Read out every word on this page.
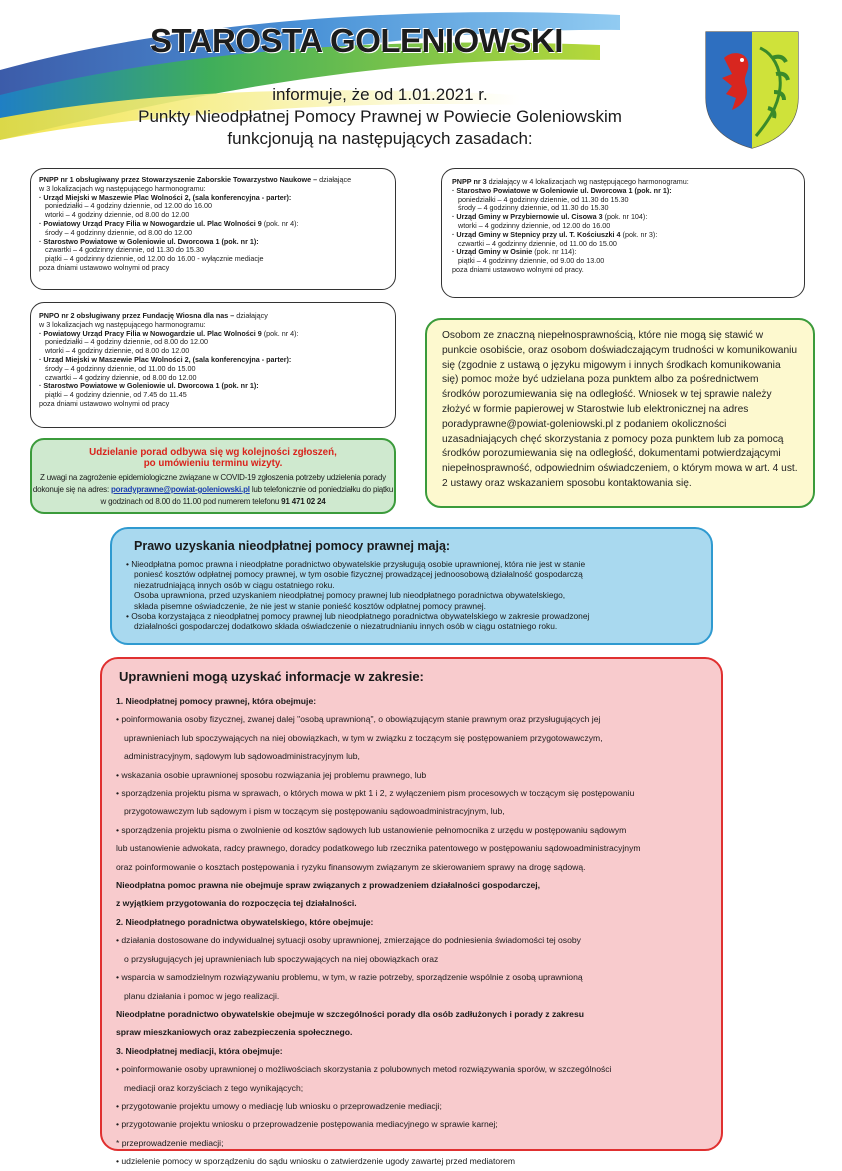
STAROSTA GOLENIOWSKI
informuje, że od 1.01.2021 r.
Punkty Nieodpłatnej Pomocy Prawnej w Powiecie Goleniowskim
funkcjonują na następujących zasadach:
PNPP nr 1 obsługiwany przez Stowarzyszenie Zaborskie Towarzystwo Naukowe – działające
w 3 lokalizacjach wg następującego harmonogramu:
· Urząd Miejski w Maszewie Plac Wolności 2, (sala konferencyjna - parter):
poniedziałki – 4 godziny dziennie, od 12.00 do 16.00
wtorki – 4 godziny dziennie, od 8.00 do 12.00
· Powiatowy Urząd Pracy Filia w Nowogardzie ul. Plac Wolności 9 (pok. nr 4):
środy – 4 godzinny dziennie, od 8.00 do 12.00
· Starostwo Powiatowe w Goleniowie ul. Dworcowa 1 (pok. nr 1):
czwartki – 4 godzinny dziennie, od 11.30 do 15.30
piątki – 4 godzinny dziennie, od 12.00 do 16.00 - wyłącznie mediacje
poza dniami ustawowo wolnymi od pracy
PNPP nr 3 działający w 4 lokalizacjach wg następującego harmonogramu:
· Starostwo Powiatowe w Goleniowie ul. Dworcowa 1 (pok. nr 1):
poniedziałki – 4 godzinny dziennie, od 11.30 do 15.30
środy – 4 godzinny dziennie, od 11.30 do 15.30
· Urząd Gminy w Przybiernowie ul. Cisowa 3 (pok. nr 104):
wtorki – 4 godzinny dziennie, od 12.00 do 16.00
· Urząd Gminy w Stepnicy przy ul. T. Kościuszki 4 (pok. nr 3):
czwartki – 4 godzinny dziennie, od 11.00 do 15.00
· Urząd Gminy w Osinie (pok. nr 114):
piątki – 4 godzinny dziennie, od 9.00 do 13.00
poza dniami ustawowo wolnymi od pracy.
PNPO nr 2 obsługiwany przez Fundację Wiosna dla nas – działający
w 3 lokalizacjach wg następującego harmonogramu:
· Powiatowy Urząd Pracy Filia w Nowogardzie ul. Plac Wolności 9 (pok. nr 4):
poniedziałki – 4 godziny dziennie, od 8.00 do 12.00
wtorki – 4 godziny dziennie, od 8.00 do 12.00
· Urząd Miejski w Maszewie Plac Wolności 2, (sala konferencyjna - parter):
środy – 4 godzinny dziennie, od 11.00 do 15.00
czwartki – 4 godziny dziennie, od 8.00 do 12.00
· Starostwo Powiatowe w Goleniowie ul. Dworcowa 1 (pok. nr 1):
piątki – 4 godziny dziennie, od 7.45 do 11.45
poza dniami ustawowo wolnymi od pracy
Udzielanie porad odbywa się wg kolejności zgłoszeń,
po umówieniu terminu wizyty.
Z uwagi na zagrożenie epidemiologiczne związane w COVID-19 zgłoszenia potrzeby udzielenia porady
dokonuje się na adres: poradyprawne@powiat-goleniowski.pl lub telefonicznie od poniedziałku do piątku
w godzinach od 8.00 do 11.00 pod numerem telefonu 91 471 02 24
Osobom ze znaczną niepełnosprawnością, które nie mogą się stawić w punkcie osobiście, oraz osobom doświadczającym trudności w komunikowaniu się (zgodnie z ustawą o języku migowym i innych środkach komunikowania się) pomoc może być udzielana poza punktem albo za pośrednictwem środków porozumiewania się na odległość. Wniosek w tej sprawie należy złożyć w formie papierowej w Starostwie lub elektronicznej na adres poradyprawne@powiat-goleniowski.pl z podaniem okoliczności uzasadniających chęć skorzystania z pomocy poza punktem lub za pomocą środków porozumiewania się na odległość, dokumentami potwierdzającymi niepełnosprawność, odpowiednim oświadczeniem, o którym mowa w art. 4 ust. 2 ustawy oraz wskazaniem sposobu kontaktowania się.
Prawo uzyskania nieodpłatnej pomocy prawnej mają:
• Nieodpłatna pomoc prawna i nieodpłatne poradnictwo obywatelskie przysługują osobie uprawnionej, która nie jest w stanie
poniesć kosztów odpłatnej pomocy prawnej, w tym osobie fizycznej prowadzącej jednoosobową działalność gospodarczą
niezatrudniającą innych osób w ciągu ostatniego roku.
Osoba uprawniona, przed uzyskaniem nieodpłatnej pomocy prawnej lub nieodpłatnego poradnictwa obywatelskiego,
składa pisemne oświadczenie, że nie jest w stanie ponieść kosztów odpłatnej pomocy prawnej.
• Osoba korzystająca z nieodpłatnej pomocy prawnej lub nieodpłatnego poradnictwa obywatelskiego w zakresie prowadzonej
działalności gospodarczej dodatkowo składa oświadczenie o niezatrudnianiu innych osób w ciągu ostatniego roku.
Uprawnieni mogą uzyskać informacje w zakresie:
1. Nieodpłatnej pomocy prawnej, która obejmuje:
• poinformowania osoby fizycznej, zwanej dalej "osobą uprawnioną", o obowiązującym stanie prawnym oraz przysługujących jej
uprawnieniach lub spoczywających na niej obowiązkach, w tym w związku z toczącym się postępowaniem przygotowawczym,
administracyjnym, sądowym lub sądowoadministracyjnym lub,
• wskazania osobie uprawnionej sposobu rozwiązania jej problemu prawnego, lub
• sporządzenia projektu pisma w sprawach, o których mowa w pkt 1 i 2, z wyłączeniem pism procesowych w toczącym się postępowaniu
przygotowawczym lub sądowym i pism w toczącym się postępowaniu sądowoadministracyjnym, lub,
• sporządzenia projektu pisma o zwolnienie od kosztów sądowych lub ustanowienie pełnomocnika z urzędu w postępowaniu sądowym
lub ustanowienie adwokata, radcy prawnego, doradcy podatkowego lub rzecznika patentowego w postępowaniu sądowoadministracyjnym
oraz poinformowanie o kosztach postępowania i ryzyku finansowym związanym ze skierowaniem sprawy na drogę sądową.
Nieodpłatna pomoc prawna nie obejmuje spraw związanych z prowadzeniem działalności gospodarczej,
z wyjątkiem przygotowania do rozpoczęcia tej działalności.
2. Nieodpłatnego poradnictwa obywatelskiego, które obejmuje:
• działania dostosowane do indywidualnej sytuacji osoby uprawnionej, zmierzające do podniesienia świadomości tej osoby
o przysługujących jej uprawnieniach lub spoczywających na niej obowiązkach oraz
• wsparcia w samodzielnym rozwiązywaniu problemu, w tym, w razie potrzeby, sporządzenie wspólnie z osobą uprawnioną
planu działania i pomoc w jego realizacji.
Nieodpłatne poradnictwo obywatelskie obejmuje w szczególności porady dla osób zadłużonych i porady z zakresu
spraw mieszkaniowych oraz zabezpieczenia społecznego.
3. Nieodpłatnej mediacji, która obejmuje:
• poinformowanie osoby uprawnionej o możliwościach skorzystania z polubownych metod rozwiązywania sporów, w szczególności
mediacji oraz korzyściach z tego wynikających;
• przygotowanie projektu umowy o mediację lub wniosku o przeprowadzenie mediacji;
• przygotowanie projektu wniosku o przeprowadzenie postępowania mediacyjnego w sprawie karnej;
* przeprowadzenie mediacji;
• udzielenie pomocy w sporządzeniu do sądu wniosku o zatwierdzenie ugody zawartej przed mediatorem
